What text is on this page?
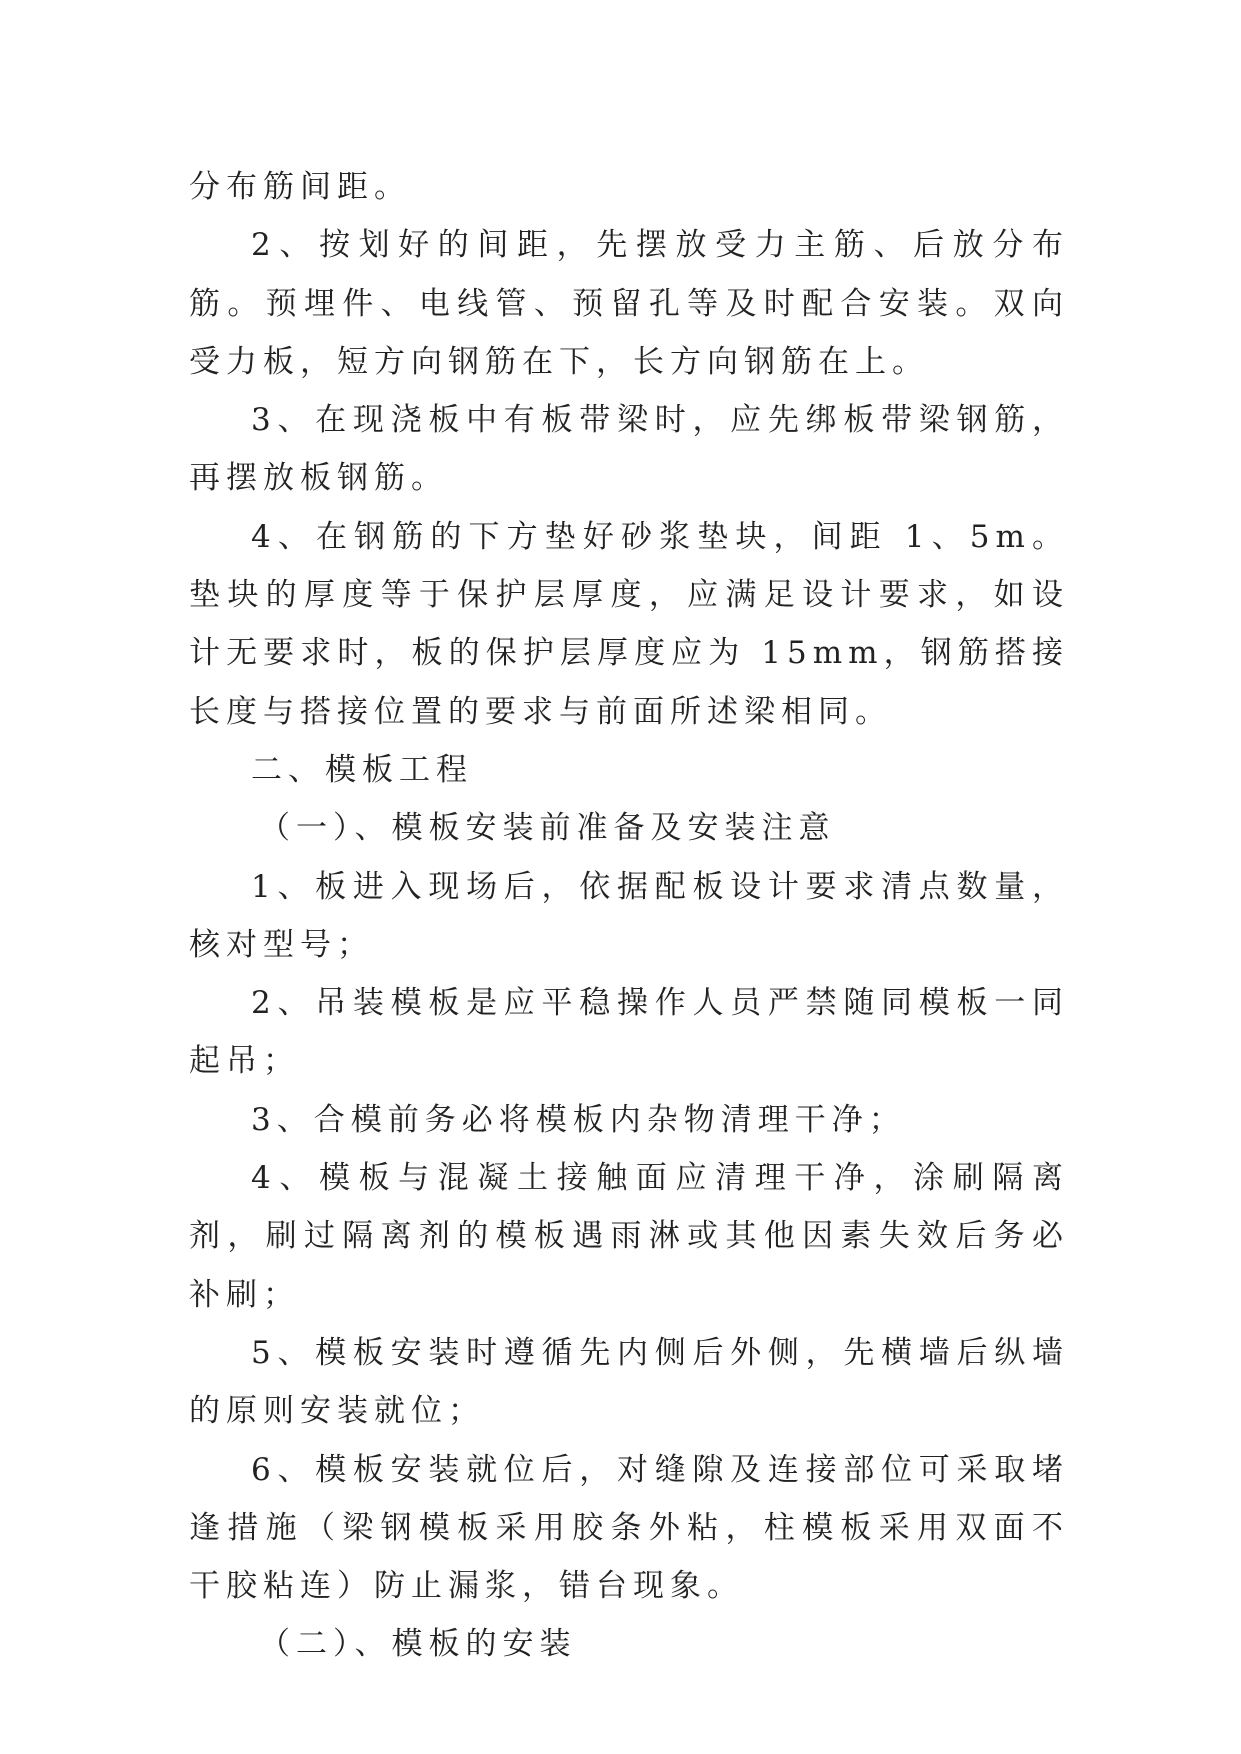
分布筋间距。

2、按划好的间距，先摆放受力主筋、后放分布筋。预埋件、电线管、预留孔等及时配合安装。双向受力板，短方向钢筋在下，长方向钢筋在上。

3、在现浇板中有板带梁时，应先绑板带梁钢筋，再摆放板钢筋。

4、在钢筋的下方垫好砂浆垫块，间距 1、5m。垫块的厚度等于保护层厚度，应满足设计要求，如设计无要求时，板的保护层厚度应为 15mm，钢筋搭接长度与搭接位置的要求与前面所述梁相同。

二、模板工程

（一）、模板安装前准备及安装注意

1、板进入现场后，依据配板设计要求清点数量，核对型号；

2、吊装模板是应平稳操作人员严禁随同模板一同起吊；

3、合模前务必将模板内杂物清理干净；

4、模板与混凝土接触面应清理干净，涂刷隔离剂，刷过隔离剂的模板遇雨淋或其他因素失效后务必补刷；

5、模板安装时遵循先内侧后外侧，先横墙后纵墙的原则安装就位；

6、模板安装就位后，对缝隙及连接部位可采取堵逢措施（梁钢模板采用胶条外粘，柱模板采用双面不干胶粘连）防止漏浆，错台现象。

（二）、模板的安装
